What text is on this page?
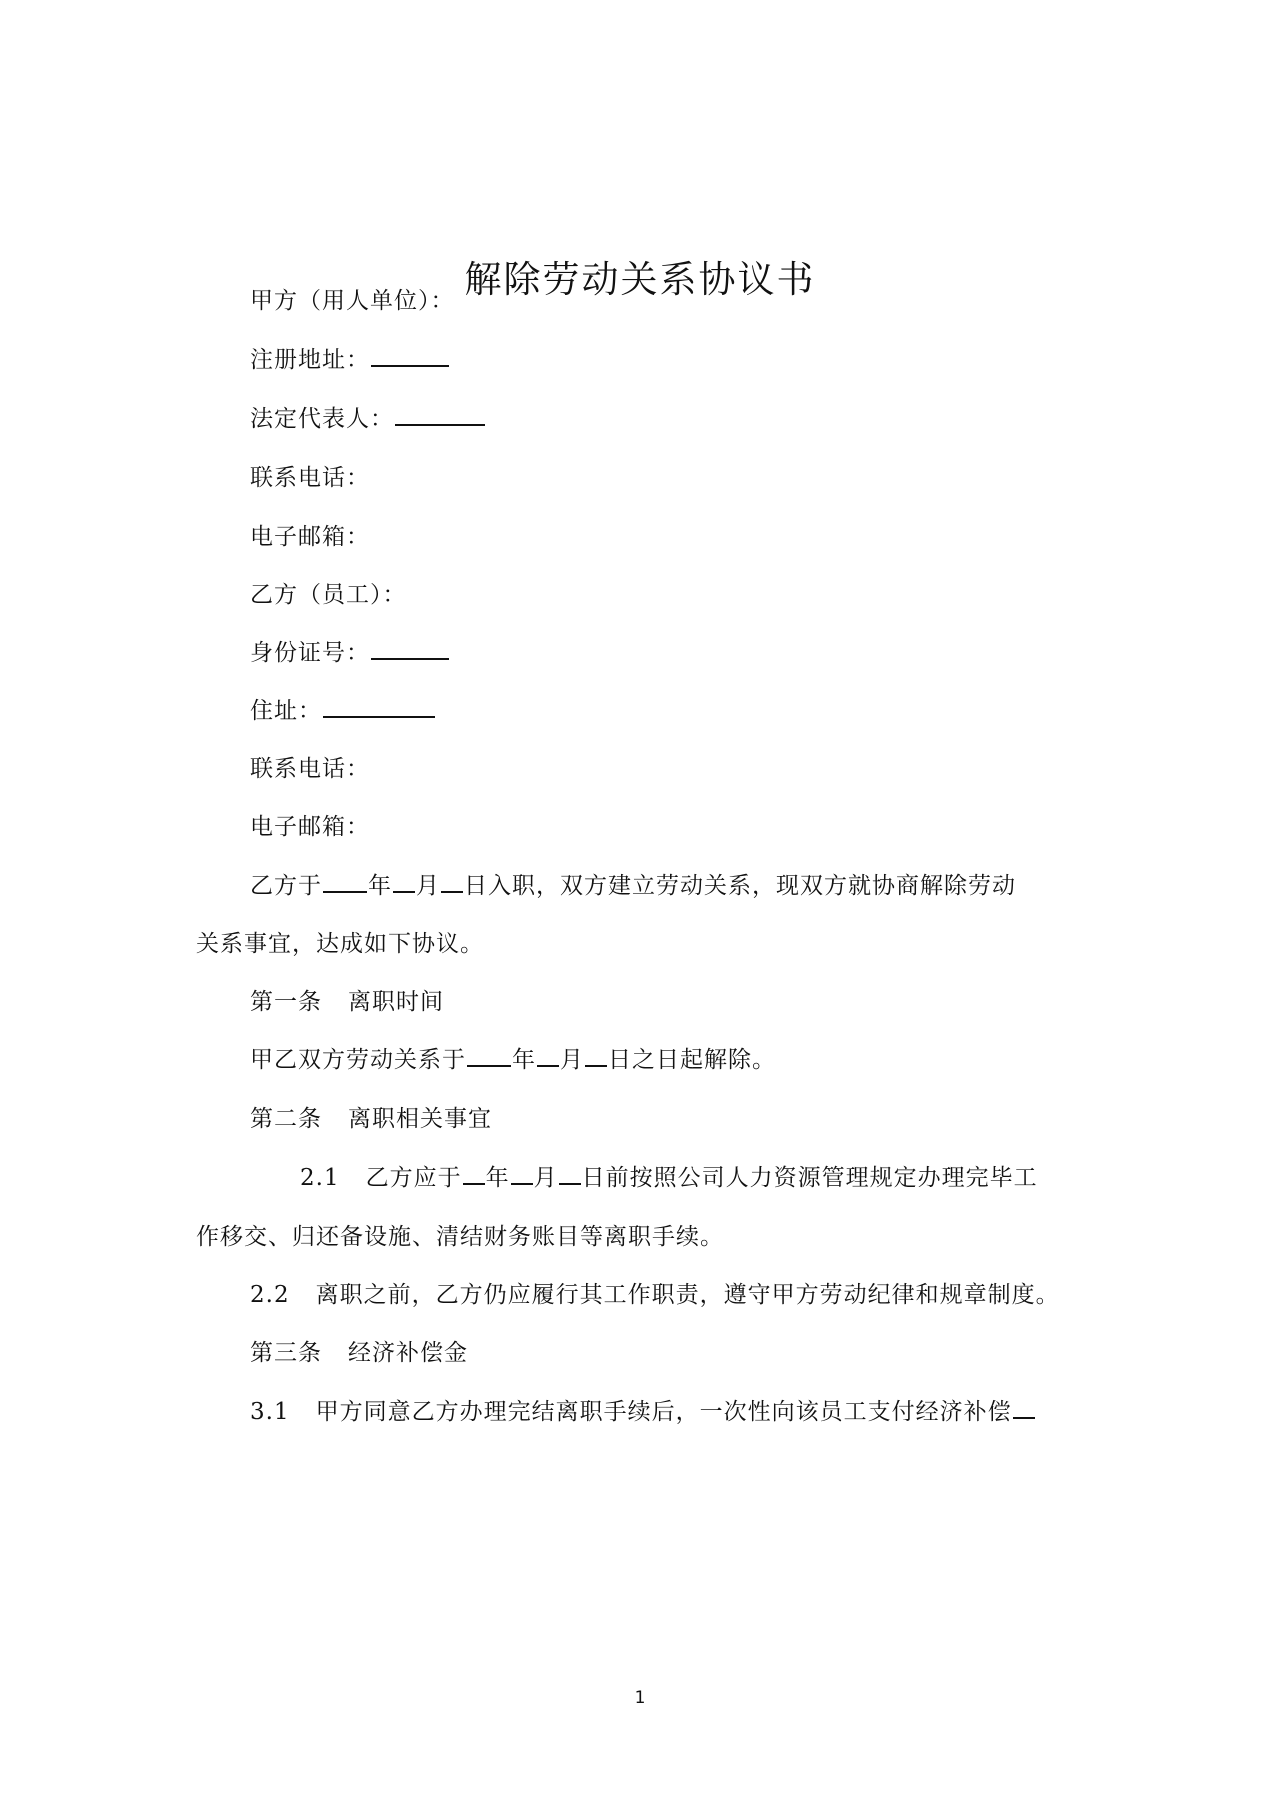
解除劳动关系协议书
甲方（用人单位）：
注册地址：
法定代表人：
联系电话：
电子邮箱：
乙方（员工）：
身份证号：
住址：
联系电话：
电子邮箱：
乙方于 年 月 日入职，双方建立劳动关系，现双方就协商解除劳动
关系事宜，达成如下协议。
第一条 离职时间
甲乙双方劳动关系于 年 月 日之日起解除。
第二条 离职相关事宜
2.1 乙方应于 年 月 日前按照公司人力资源管理规定办理完毕工
作移交、归还备设施、清结财务账目等离职手续。
2.2 离职之前，乙方仍应履行其工作职责，遵守甲方劳动纪律和规章制度。
第三条 经济补偿金
3.1 甲方同意乙方办理完结离职手续后，一次性向该员工支付经济补偿
1
